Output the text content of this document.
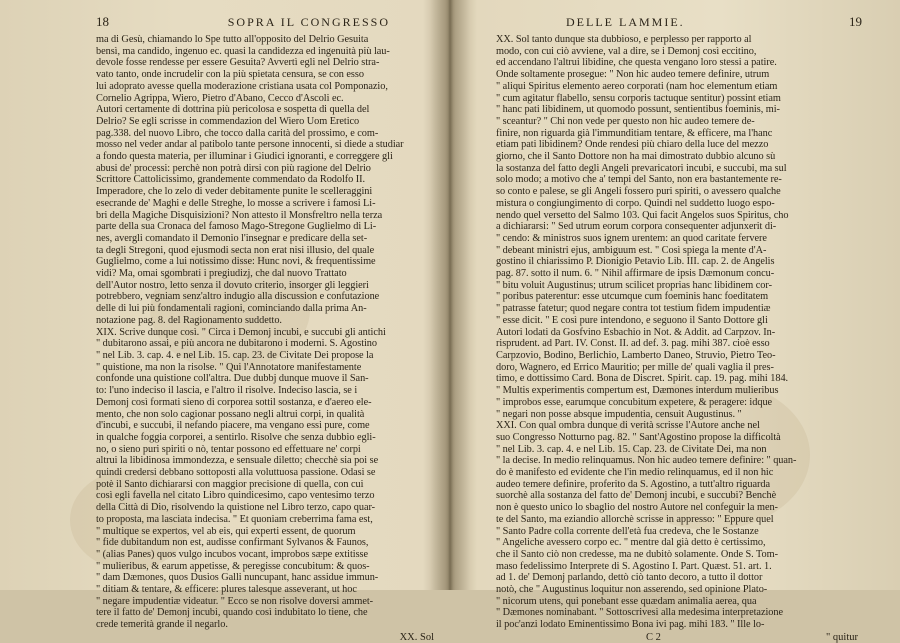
18	SOPRA IL CONGRESSO
ma di Gesù, chiamando lo Spe tutto all'opposito del Delrio Gesuita
bensì, ma candido, ingenuo ec. quasi la candidezza ed ingenuità più lau-
devole fosse rendesse per essere Gesuita? Avvertì egli nel Delrio stra-
vato tanto, onde incrudelir con la più spietata censura, se con esso
lui adoprato avesse quella moderazione cristiana usata col Pomponazio,
Cornelio Agrippa, Wiero, Pietro d'Abano, Cecco d'Ascoli ec.
Autori certamente di dottrina più pericolosa e sospetta di quella del
Delrio? Se egli scrisse in commendazion del Wiero Uom Eretico
pag.338. del nuovo Libro, che tocco dalla carità del prossimo, e com-
mosso nel veder andar al patibolo tante persone innocenti, si diede a studiar
a fondo questa materia, per illuminar i Giudici ignoranti, e correggere gli
abusi de' processi: perchè non potrà dirsi con più ragione del Delrio
Scrittore Cattolicissimo, grandemente commendato da Rodolfo II.
Imperadore, che lo zelo di veder debitamente punite le scelleraggini
esecrande de' Maghi e delle Streghe, lo mosse a scrivere i famosi Li-
bri della Magiche Disquisizioni? Non attesto il Monsfreltro nella terza
parte della sua Cronaca del famoso Mago-Stregone Guglielmo di Li-
nes, avergli comandato il Demonio l'insegnar e predicare della set-
ta degli Stregoni, quod ejusmodi secta non erat nisi illusio, del quale
Guglielmo, come a lui notissimo disse: Hunc novi, & frequentissime
vidi? Ma, omai sgombrati i pregiudizj, che dal nuovo Trattato
dell'Autor nostro, letto senza il dovuto criterio, insorger gli leggieri
potrebbero, vegniam senz'altro indugio alla discussion e confutazione
delle di lui più fondamentali ragioni, cominciando dalla prima An-
notazione pag. 8. del Ragionamento suddetto.
XIX. Scrive dunque così. " Circa i Demonj incubi, e succubi gli antichi
" dubitarono assai, e più ancora ne dubitarono i moderni. S. Agostino
" nel Lib. 3. cap. 4. e nel Lib. 15. cap. 23. de Civitate Dei propose la
" quistione, ma non la risolse. " Qui l'Annotatore manifestamente
confonde una quistione coll'altra. Due dubbj dunque muove il San-
to: l'uno indeciso il lascia, e l'altro il risolve. Indeciso lascia, se i
Demonj così formati sieno di corporea sottil sostanza, e d'aereo ele-
mento, che non solo cagionar possano negli altrui corpi, in qualità
d'incubi, e succubi, il nefando piacere, ma vengano essi pure, come
in qualche foggia corporei, a sentirlo. Risolve che senza dubbio egli-
no, o sieno puri spiriti o nò, tentar possono ed effettuare ne' corpi
altrui la libidinosa immondezza, e sensuale diletto; checchè sia poi se
quindi credersi debbano sottoposti alla voluttuosa passione. Odasi se
potè il Santo dichiararsi con maggior precisione di quella, con cui
così egli favella nel citato Libro quindicesimo, capo ventesimo terzo
della Città di Dio, risolvendo la quistione nel Libro terzo, capo quar-
to proposta, ma lasciata indecisa. " Et quoniam creberrima fama est,
" multique se expertos, vel ab eis, qui experti essent, de quorum
" fide dubitandum non est, audisse confirmant Sylvanos & Faunos,
" (alias Panes) quos vulgo incubos vocant, improbos sæpe extitisse
" mulieribus, & earum appetisse, & peregisse concubitum: & quos-
" dam Dæmones, quos Dusios Galli nuncupant, hanc assidue immun-
" ditiam & tentare, & efficere: plures talesque asseverant, ut hoc
" negare impudentiæ videatur. " Ecco se non risolve doversi ammet-
tere il fatto de' Demonj incubi, quando così indubitato lo tiene, che
crede temerità grande il negarlo.
XX. Sol
DELLE LAMMIE.	19
XX. Sol tanto dunque sta dubbioso, e perplesso per rapporto al
modo, con cui ciò avviene, val a dire, se i Demonj così eccitino,
ed accendano l'altrui libidine, che questa vengano loro stessi a patire.
Onde soltamente prosegue: " Non hic audeo temere definire, utrum
" aliqui Spiritus elemento aereo corporati (nam hoc elementum etiam
" cum agitatur flabello, sensu corporis tactuque sentitur) possint etiam
" hanc pati libidinem, ut quomodo possunt, sentientibus foeminis, mi-
" sceantur? " Chi non vede per questo non hic audeo temere de-
finire, non riguarda già l'immunditiam tentare, & efficere, ma l'hanc
etiam pati libidinem? Onde rendesi più chiaro della luce del mezzo
giorno, che il Santo Dottore non ha mai dimostrato dubbio alcuno sù
la sostanza del fatto degli Angeli prevaricatori incubi, e succubi, ma sul
solo modo; a motivo che a' tempi del Santo, non era bastantemente re-
so conto e palese, se gli Angeli fossero puri spiriti, o avessero qualche
mistura o congiungimento di corpo. Quindi nel suddetto luogo espo-
nendo quel versetto del Salmo 103. Qui facit Angelos suos Spiritus, cho
a dichiararsi: " Sed utrum eorum corpora consequenter adjunxerit di-
" cendo: & ministros suos ignem urentem: an quod caritate fervere
" debeant ministri ejus, ambiguum est. " Così spiega la mente d'A-
gostino il chiarissimo P. Dionigio Petavio Lib. III. cap. 2. de Angelis
pag. 87. sotto il num. 6. " Nihil affirmare de ipsis Dæmonum concu-
" bitu voluit Augustinus; utrum scilicet proprias hanc libidinem cor-
" poribus paterentur: esse utcumque cum foeminis hanc foeditatem
" patrasse fatetur; quod negare contra tot testium fidem impudentiæ
" esse dicit. " E così pure intendono, e seguono il Santo Dottore gli
Autori lodati da Gosfvino Esbachio in Not. & Addit. ad Carpzov. In-
risprudent. ad Part. IV. Const. II. ad def. 3. pag. mihi 387. cioè esso
Carpzovio, Bodino, Berlichio, Lamberto Daneo, Struvio, Pietro Teo-
doro, Wagnero, ed Errico Mauritio; per mille de' quali vaglia il pres-
timo, e dottissimo Card. Bona de Discret. Spirit. cap. 19. pag. mihi 184.
" Multis experimentis compertum est, Dæmones interdum mulieribus
" improbos esse, earumque concubitum expetere, & peragere: idque
" negari non posse absque impudentia, censuit Augustinus. "
XXI. Con qual ombra dunque di verità scrisse l'Autore anche nel
suo Congresso Notturno pag. 82. " Sant'Agostino propose la difficoltà
" nel Lib. 3. cap. 4. e nel Lib. 15. Cap. 23. de Civitate Dei, ma non
" la decise. In medio relinquamus. Non hic audeo temere definire: " quan-
do è manifesto ed evidente che l'in medio relinquamus, ed il non hic
audeo temere definire, proferito da S. Agostino, a tutt'altro riguarda
suorchè alla sostanza del fatto de' Demonj incubi, e succubi? Benchè
non è questo unico lo sbaglio del nostro Autore nel confeguir la men-
te del Santo, ma eziandio allorchè scrisse in appresso: " Eppure quel
" Santo Padre colla corrente dell'età fua credeva, che le Sostanze
" Angeliche avessero corpo ec. " mentre dal già detto è certissimo,
che il Santo ciò non credesse, ma ne dubitò solamente. Onde S. Tom-
maso fedelissimo Interprete di S. Agostino I. Part. Quæst. 51. art. 1.
ad 1. de' Demonj parlando, dettò ciò tanto decoro, a tutto il dottor
notò, che " Augustinus loquitur non asserendo, sed opinione Plato-
" nicorum utens, qui ponebant esse quædam animalia aerea, qua
" Dæmones nominabant. " Sottoscrivesi alla medesima interpretazione
il poc'anzi lodato Eminentissimo Bona ivi pag. mihi 183. " Ille lo-
C 2	" quitur
